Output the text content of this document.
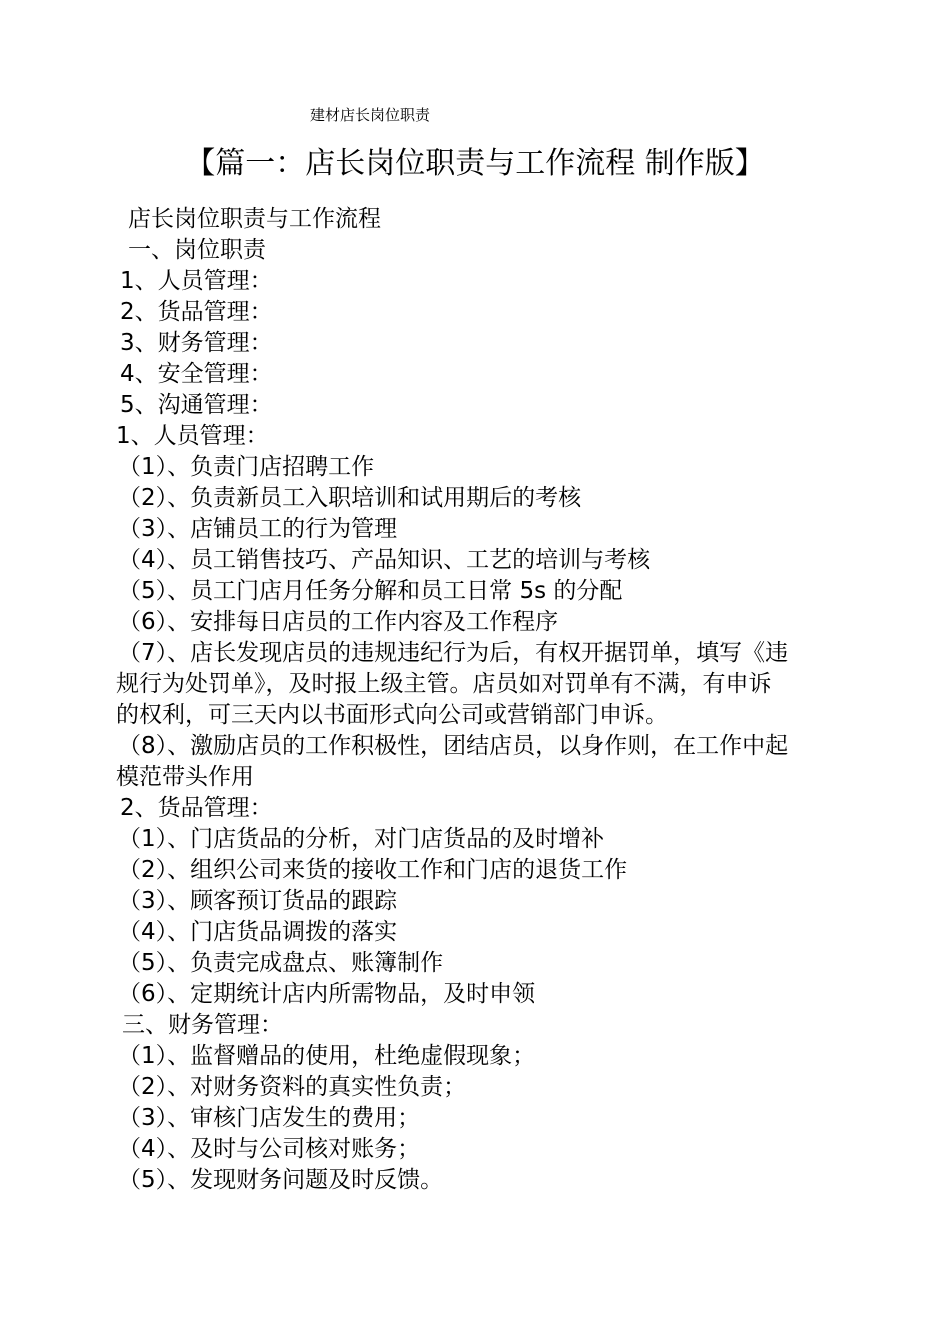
建材店长岗位职责
【篇一：店长岗位职责与工作流程 制作版】
店长岗位职责与工作流程
一、岗位职责
1、人员管理：
2、货品管理：
3、财务管理：
4、安全管理：
5、沟通管理：
1、人员管理：
（1）、负责门店招聘工作
（2）、负责新员工入职培训和试用期后的考核
（3）、店铺员工的行为管理
（4）、员工销售技巧、产品知识、工艺的培训与考核
（5）、员工门店月任务分解和员工日常 5s 的分配
（6）、安排每日店员的工作内容及工作程序
（7）、店长发现店员的违规违纪行为后，有权开据罚单，填写《违
规行为处罚单》，及时报上级主管。店员如对罚单有不满，有申诉
的权利，可三天内以书面形式向公司或营销部门申诉。
（8）、激励店员的工作积极性，团结店员，以身作则，在工作中起
模范带头作用
2、货品管理：
（1）、门店货品的分析，对门店货品的及时增补
（2）、组织公司来货的接收工作和门店的退货工作
（3）、顾客预订货品的跟踪
（4）、门店货品调拨的落实
（5）、负责完成盘点、账簿制作
（6）、定期统计店内所需物品，及时申领
三、财务管理：
（1）、监督赠品的使用，杜绝虚假现象；
（2）、对财务资料的真实性负责；
（3）、审核门店发生的费用；
（4）、及时与公司核对账务；
（5）、发现财务问题及时反馈。
